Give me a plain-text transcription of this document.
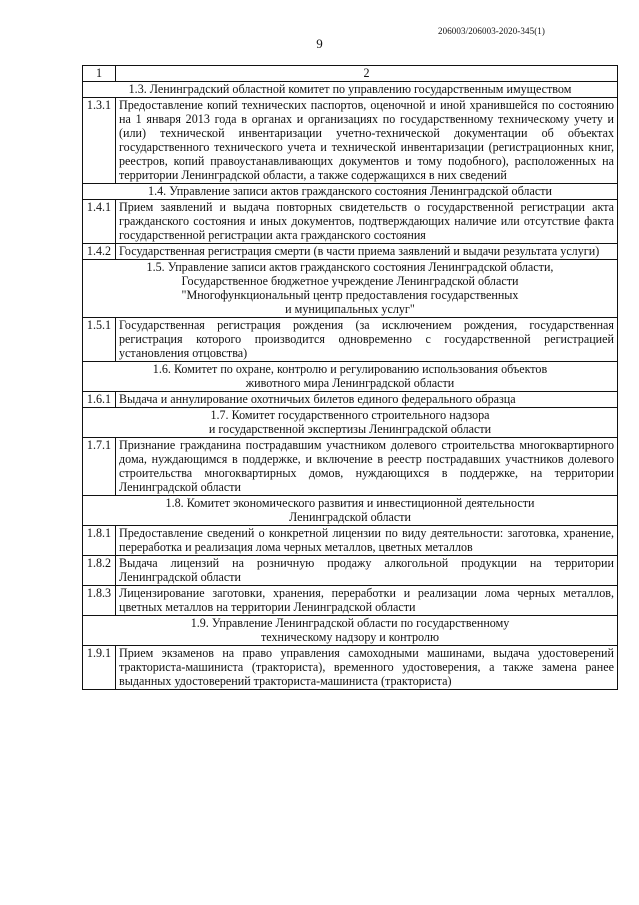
206003/206003-2020-345(1)
9
1	2

1.3. Ленинградский областной комитет по управлению государственным имуществом	

1.3.1	Предоставление копий технических паспортов, оценочной и иной хранившейся по состоянию на 1 января 2013 года в органах и организациях по государственному техническому учету и (или) технической инвентаризации учетно-технической документации об объектах государственного технического учета и технической инвентаризации (регистрационных книг, реестров, копий правоустанавливающих документов и тому подобного), расположенных на территории Ленинградской области, а также содержащихся в них сведений

1.4. Управление записи актов гражданского состояния Ленинградской области	

1.4.1	Прием заявлений и выдача повторных свидетельств о государственной регистрации акта гражданского состояния и иных документов, подтверждающих наличие или отсутствие факта государственной регистрации акта гражданского состояния
1.4.2	Государственная регистрация смерти (в части приема заявлений и выдачи результата услуги)

1.5. Управление записи актов гражданского состояния Ленинградской области,
Государственное бюджетное учреждение Ленинградской области
"Многофункциональный центр предоставления государственных
и муниципальных услуг"	

1.5.1	Государственная регистрация рождения (за исключением рождения, государственная регистрация которого производится одновременно с государственной регистрацией установления отцовства)

1.6. Комитет по охране, контролю и регулированию использования объектов
животного мира Ленинградской области	

1.6.1	Выдача и аннулирование охотничьих билетов единого федерального образца

1.7. Комитет государственного строительного надзора
и государственной экспертизы Ленинградской области	

1.7.1	Признание гражданина пострадавшим участником долевого строительства многоквартирного дома, нуждающимся в поддержке, и включение в реестр пострадавших участников долевого строительства многоквартирных домов, нуждающихся в поддержке, на территории Ленинградской области

1.8. Комитет экономического развития и инвестиционной деятельности
Ленинградской области	

1.8.1	Предоставление сведений о конкретной лицензии по виду деятельности: заготовка, хранение, переработка и реализация лома черных металлов, цветных металлов
1.8.2	Выдача лицензий на розничную продажу алкогольной продукции на территории Ленинградской области
1.8.3	Лицензирование заготовки, хранения, переработки и реализации лома черных металлов, цветных металлов на территории Ленинградской области

1.9. Управление Ленинградской области по государственному
техническому надзору и контролю	

1.9.1	Прием экзаменов на право управления самоходными машинами, выдача удостоверений тракториста-машиниста (тракториста), временного удостоверения, а также замена ранее выданных удостоверений тракториста-машиниста (тракториста)
